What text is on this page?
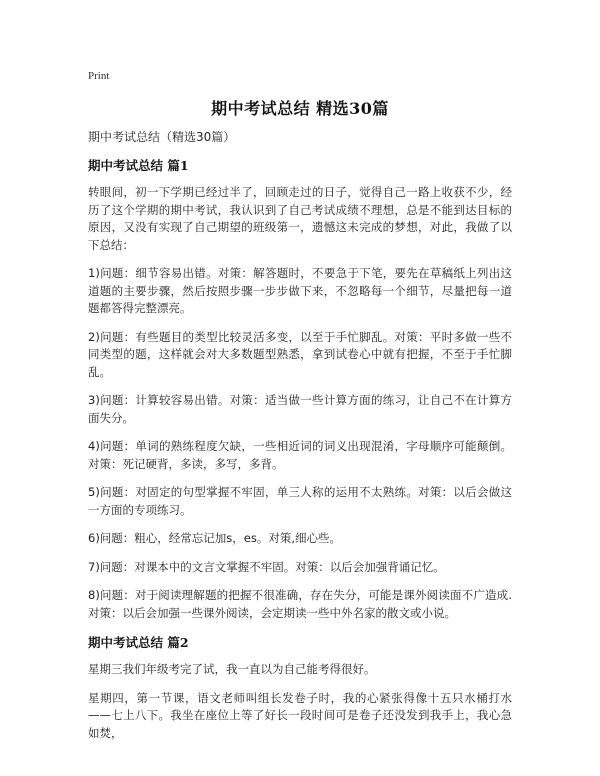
Print
期中考试总结 精选30篇
期中考试总结（精选30篇）
期中考试总结 篇1

转眼间，初一下学期已经过半了，回顾走过的日子，觉得自己一路上收获不少，经历了这个学期的期中考试，我认识到了自己考试成绩不理想，总是不能到达目标的原因，又没有实现了自己期望的班级第一，遗憾这未完成的梦想，对此，我做了以下总结：

1)问题：细节容易出错。对策：解答题时，不要急于下笔，要先在草稿纸上列出这道题的主要步骤，然后按照步骤一步步做下来，不忽略每一个细节，尽量把每一道题都答得完整漂亮。

2)问题：有些题目的类型比较灵活多变，以至于手忙脚乱。对策：平时多做一些不同类型的题，这样就会对大多数题型熟悉，拿到试卷心中就有把握，不至于手忙脚乱。

3)问题：计算较容易出错。对策：适当做一些计算方面的练习，让自己不在计算方面失分。

4)问题：单词的熟练程度欠缺，一些相近词的词义出现混淆，字母顺序可能颠倒。对策：死记硬背，多读，多写，多背。

5)问题：对固定的句型掌握不牢固，单三人称的运用不太熟练。对策：以后会做这一方面的专项练习。

6)问题：粗心，经常忘记加s，es。对策,细心些。

7)问题：对课本中的文言文掌握不牢固。对策：以后会加强背诵记忆。

8)问题：对于阅读理解题的把握不很准确，存在失分，可能是课外阅读面不广造成.对策：以后会加强一些课外阅读，会定期读一些中外名家的散文或小说。

期中考试总结 篇2

星期三我们年级考完了试，我一直以为自己能考得很好。

星期四，第一节课，语文老师叫组长发卷子时，我的心紧张得像十五只水桶打水——七上八下。我坐在座位上等了好长一段时间可是卷子还没发到我手上，我心急如焚，
